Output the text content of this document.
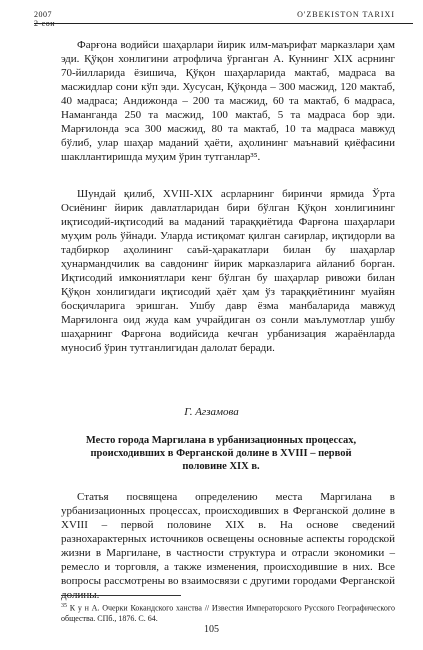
2007
2-сон
O'ZBEKISTON TARIXI

Фарғона водийси шаҳарлари йирик илм-маърифат марказлари ҳам эди. Қўқон хонлигини атрофлича ўрганган А. Куннинг XIX асрнинг 70-йилларида ёзишича, Қўқон шаҳарларида мактаб, мадраса ва масжидлар сони кўп эди. Хусусан, Қўқонда – 300 масжид, 120 мактаб, 40 мадраса; Андижонда – 200 та масжид, 60 та мактаб, 6 мадраса, Наманганда 250 та масжид, 100 мактаб, 5 та мадраса бор эди. Марғилонда эса 300 масжид, 80 та мактаб, 10 та мадраса мавжуд бўлиб, улар шаҳар маданий ҳаёти, аҳолининг маънавий қиёфасини шакллантиришда муҳим ўрин тутганлар³⁵.

Шундай қилиб, XVIII-XIX асрларнинг биринчи ярмида Ўрта Осиёнинг йирик давлатларидан бири бўлган Қўқон хонлигининг иқтисодий-иқтисодий ва маданий тараққиётида Фарғона шаҳарлари муҳим роль ўйнади. Уларда истиқомат қилган сағирлар, иқтидорли ва тадбиркор аҳолининг саъй-ҳаракатлари билан бу шаҳарлар ҳунармандчилик ва савдонинг йирик марказларига айланиб борган. Иқтисодий имкониятлари кенг бўлган бу шаҳарлар ривожи билан Қўқон хонлигидаги иқтисодий ҳаёт ҳам ўз тараққиётининг муайян босқичларига эришган. Ушбу давр ёзма манбаларида мавжуд Марғилонга оид жуда кам учрайдиган оз сонли маълумотлар ушбу шаҳарнинг Фарғона водийсида кечган урбанизация жараёнларда муносиб ўрин тутганлигидан далолат беради.

Г. Агзамова
Место города Маргилана в урбанизационных процессах, происходивших в Ферганской долине в XVIII – первой половине XIX в.

Статья посвящена определению места Маргилана в урбанизационных процессах, происходивших в Ферганской долине в XVIII – первой половине XIX в. На основе сведений разнохарактерных источников освещены основные аспекты городской жизни в Маргилане, в частности структура и отрасли экономики – ремесло и торговля, а также изменения, происходившие в них. Все вопросы рассмотрены во взаимосвязи с другими городами Ферганской долины.

$^{35}$ К у н А. Очерки Кокандского ханства // Известия Императорского Русского Географического общества. СПб., 1876. С. 64.
105
